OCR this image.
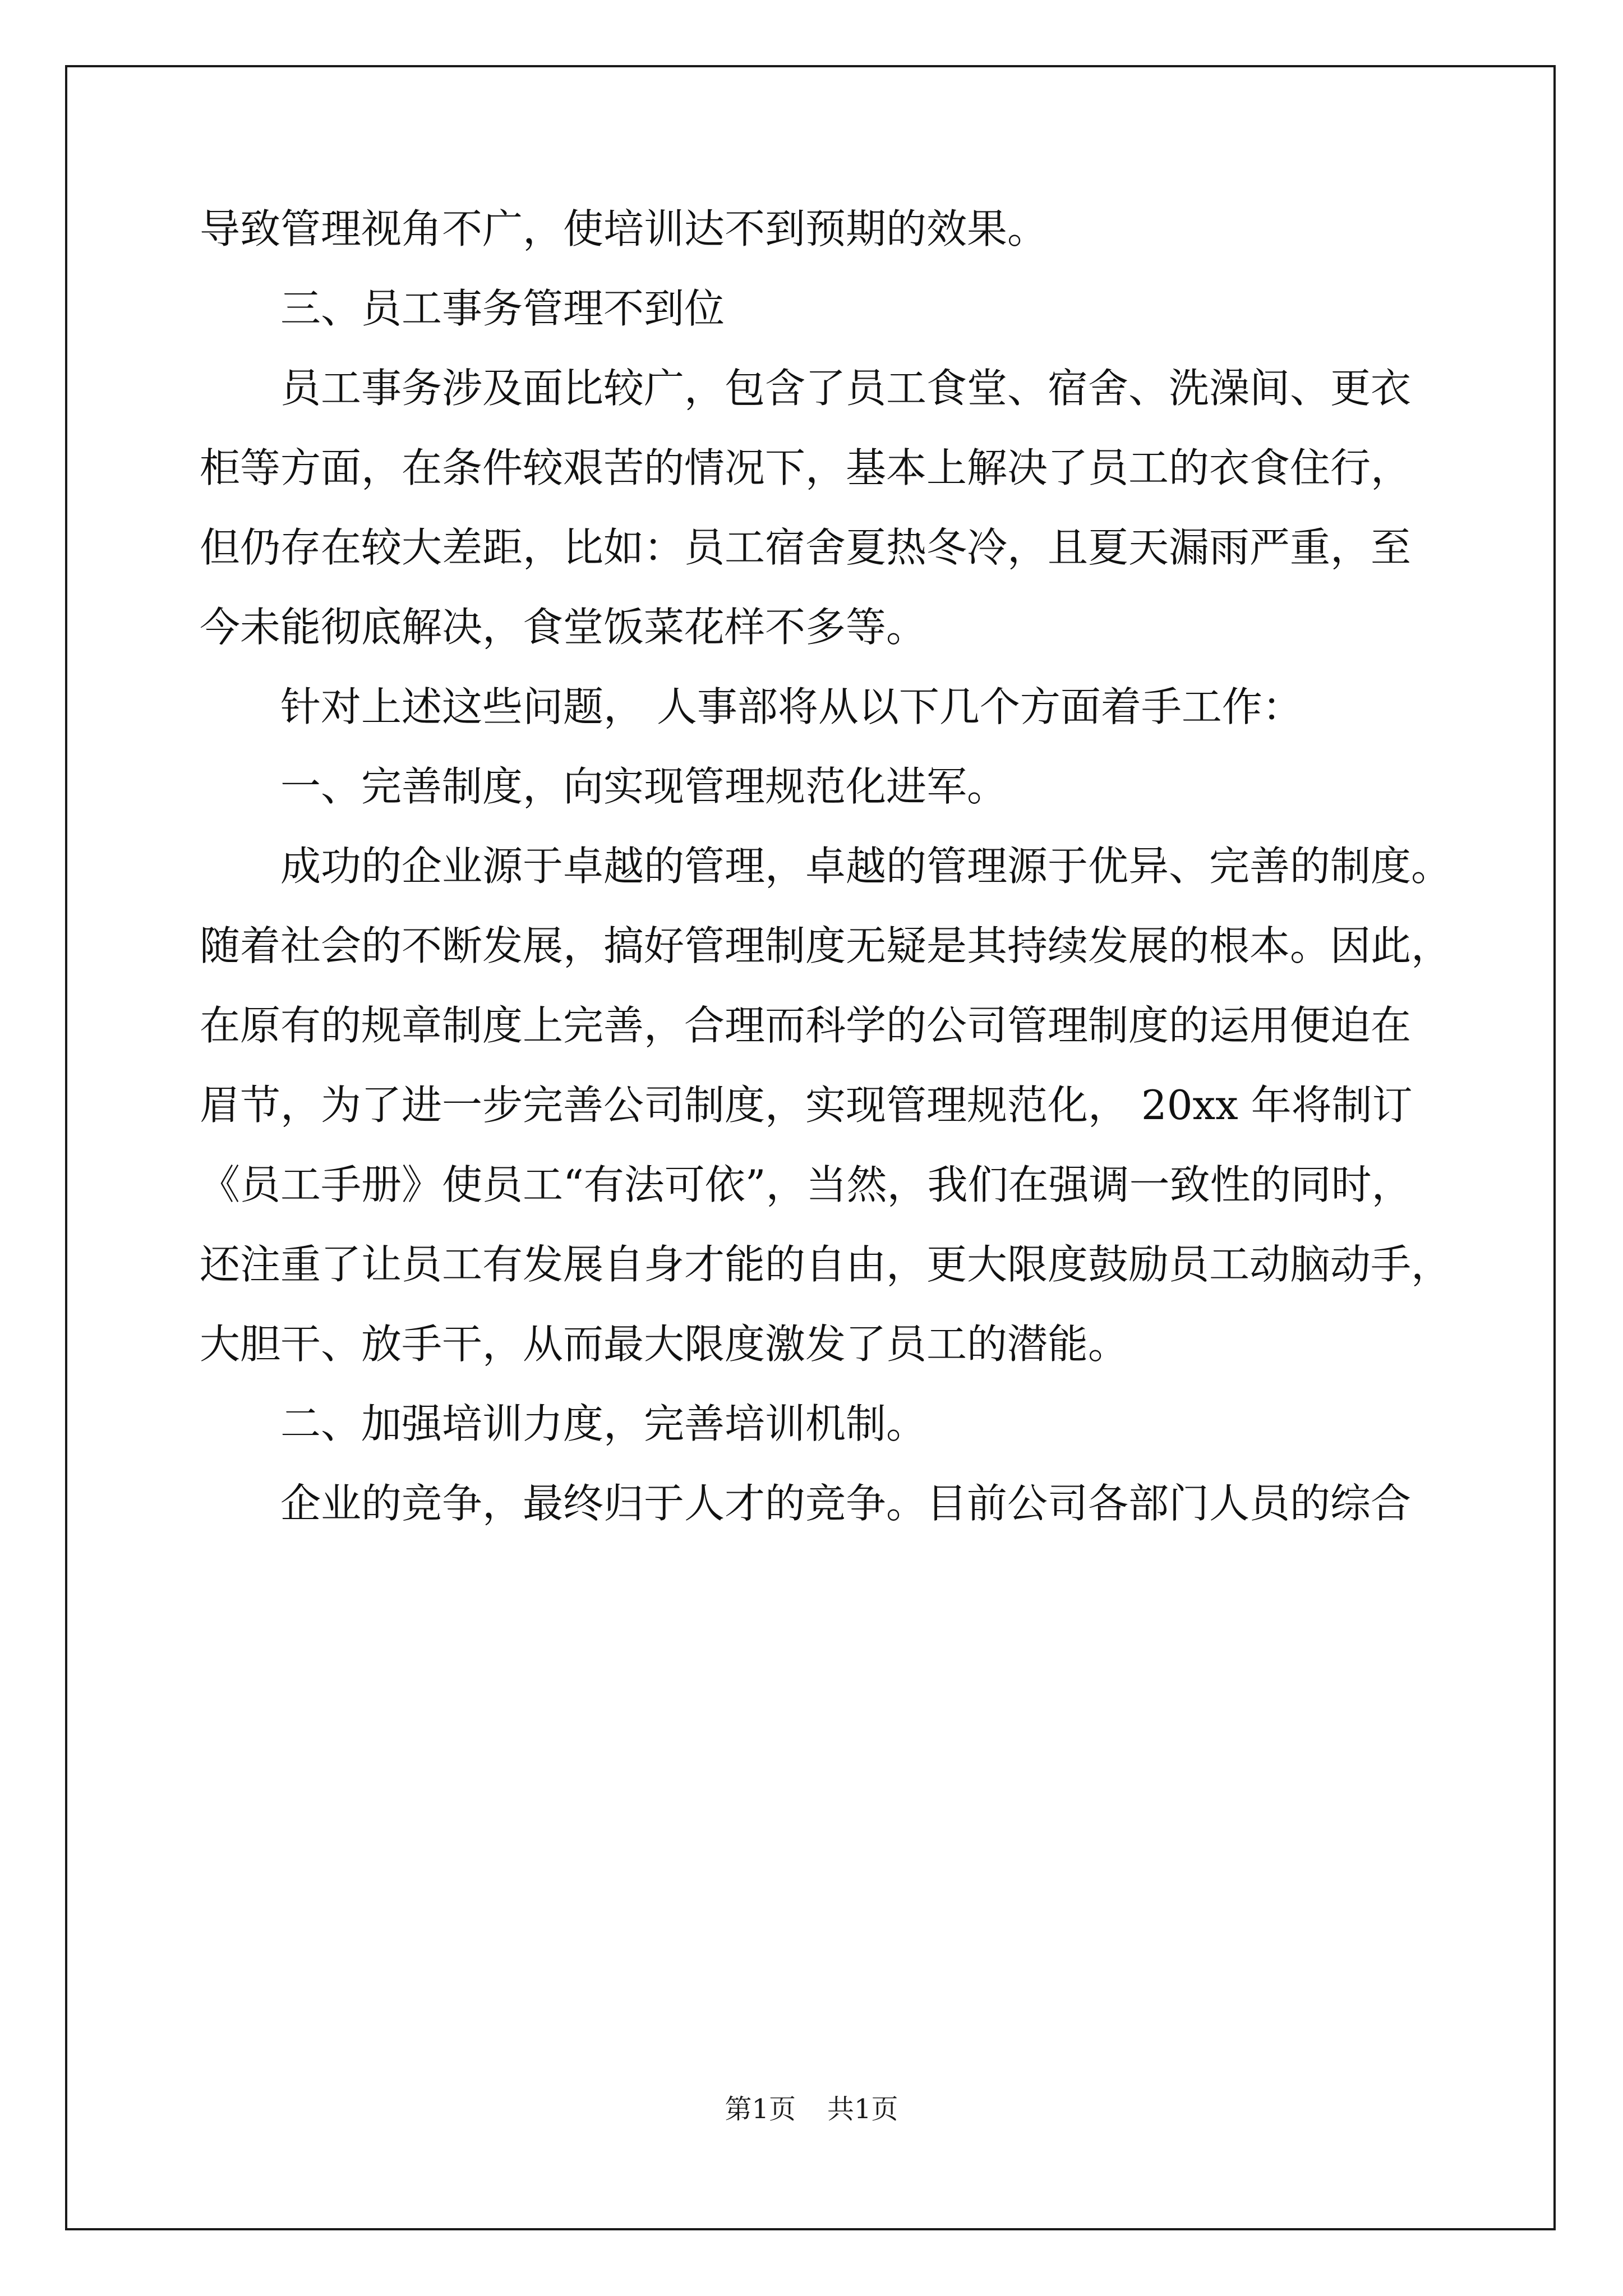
导致管理视角不广，使培训达不到预期的效果。
三、员工事务管理不到位
员工事务涉及面比较广，包含了员工食堂、宿舍、洗澡间、更衣
柜等方面，在条件较艰苦的情况下，基本上解决了员工的衣食住行，
但仍存在较大差距，比如：员工宿舍夏热冬冷，且夏天漏雨严重，至
今未能彻底解决，食堂饭菜花样不多等。
针对上述这些问题， 人事部将从以下几个方面着手工作：
一、完善制度，向实现管理规范化进军。
成功的企业源于卓越的管理，卓越的管理源于优异、完善的制度。
随着社会的不断发展，搞好管理制度无疑是其持续发展的根本。因此，
在原有的规章制度上完善，合理而科学的公司管理制度的运用便迫在
眉节，为了进一步完善公司制度，实现管理规范化， 20xx 年将制订
《员工手册》使员工“有法可依”，当然，我们在强调一致性的同时，
还注重了让员工有发展自身才能的自由，更大限度鼓励员工动脑动手，
大胆干、放手干，从而最大限度激发了员工的潜能。
二、加强培训力度，完善培训机制。
企业的竞争，最终归于人才的竞争。目前公司各部门人员的综合
第1页 共1页
